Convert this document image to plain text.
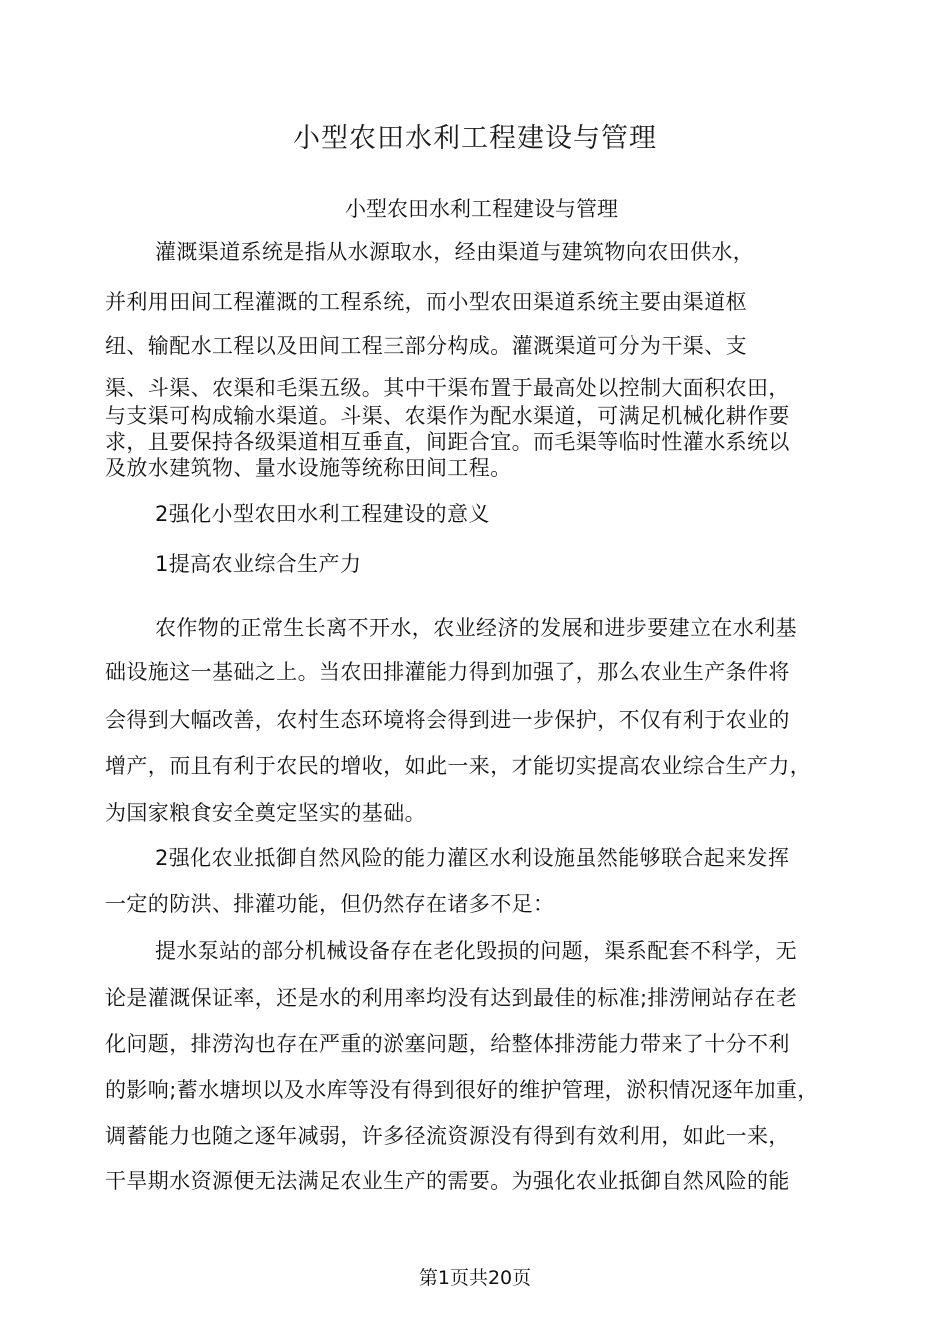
小型农田水利工程建设与管理
小型农田水利工程建设与管理
灌溉渠道系统是指从水源取水，经由渠道与建筑物向农田供水，
并利用田间工程灌溉的工程系统，而小型农田渠道系统主要由渠道枢
纽、输配水工程以及田间工程三部分构成。灌溉渠道可分为干渠、支
渠、斗渠、农渠和毛渠五级。其中干渠布置于最高处以控制大面积农田，
与支渠可构成输水渠道。斗渠、农渠作为配水渠道，可满足机械化耕作要
求，且要保持各级渠道相互垂直，间距合宜。而毛渠等临时性灌水系统以
及放水建筑物、量水设施等统称田间工程。
2强化小型农田水利工程建设的意义
1提高农业综合生产力
农作物的正常生长离不开水，农业经济的发展和进步要建立在水利基
础设施这一基础之上。当农田排灌能力得到加强了，那么农业生产条件将
会得到大幅改善，农村生态环境将会得到进一步保护，不仅有利于农业的
增产，而且有利于农民的增收，如此一来，才能切实提高农业综合生产力，
为国家粮食安全奠定坚实的基础。
2强化农业抵御自然风险的能力灌区水利设施虽然能够联合起来发挥
一定的防洪、排灌功能，但仍然存在诸多不足：
提水泵站的部分机械设备存在老化毁损的问题，渠系配套不科学，无
论是灌溉保证率，还是水的利用率均没有达到最佳的标准;排涝闸站存在老
化问题，排涝沟也存在严重的淤塞问题，给整体排涝能力带来了十分不利
的影响;蓄水塘坝以及水库等没有得到很好的维护管理，淤积情况逐年加重，
调蓄能力也随之逐年减弱，许多径流资源没有得到有效利用，如此一来，
干旱期水资源便无法满足农业生产的需要。为强化农业抵御自然风险的能
第1页共20页
